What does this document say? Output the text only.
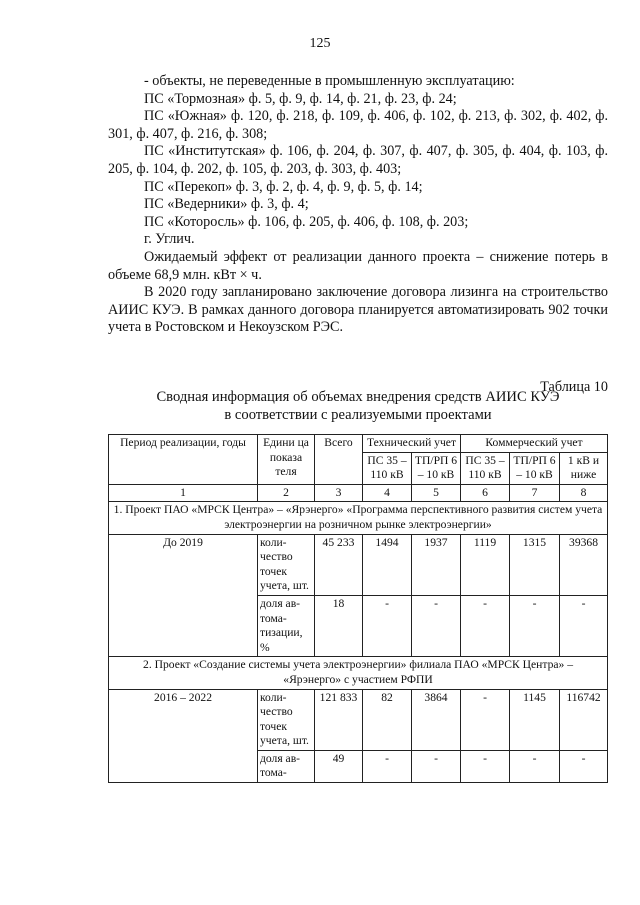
125

- объекты, не переведенные в промышленную эксплуатацию:

ПС «Тормозная» ф. 5, ф. 9, ф. 14, ф. 21, ф. 23, ф. 24;

ПС «Южная» ф. 120, ф. 218, ф. 109, ф. 406, ф. 102, ф. 213, ф. 302, ф. 402, ф. 301, ф. 407, ф. 216, ф. 308;

ПС «Институтская» ф. 106, ф. 204, ф. 307, ф. 407, ф. 305, ф. 404, ф. 103, ф. 205, ф. 104, ф. 202, ф. 105, ф. 203, ф. 303, ф. 403;

ПС «Перекоп» ф. 3, ф. 2, ф. 4, ф. 9, ф. 5, ф. 14;

ПС «Ведерники» ф. 3, ф. 4;

ПС «Которосль» ф. 106, ф. 205, ф. 406, ф. 108, ф. 203;

г. Углич.

Ожидаемый эффект от реализации данного проекта – снижение потерь в объеме 68,9 млн. кВт × ч.

В 2020 году запланировано заключение договора лизинга на строительство АИИС КУЭ. В рамках данного договора планируется автоматизировать 902 точки учета в Ростовском и Некоузском РЭС.

Таблица 10
Сводная информация об объемах внедрения средств АИИС КУЭ
в соответствии с реализуемыми проектами
Период реализации, годы	Едини ца показа теля	Всего	Технический учет		Коммерческий учет		
			ПС 35 – 110 кВ	ТП/РП 6 – 10 кВ	ПС 35 – 110 кВ	ТП/РП 6 – 10 кВ	1 кВ и ниже
1	2	3	4	5	6	7	8
1. Проект ПАО «МРСК Центра» – «Ярэнерго» «Программа перспективного развития систем учета электроэнергии на розничном рынке электроэнергии»							
До 2019	коли-чество точек учета, шт.	45 233	1494	1937	1119	1315	39368
	доля ав-тома-тизации, %	18	-	-	-	-	-
2. Проект «Создание системы учета электроэнергии» филиала ПАО «МРСК Центра» – «Ярэнерго» с участием РФПИ							
2016 – 2022	коли-чество точек учета, шт.	121 833	82	3864	-	1145	116742
	доля ав-тома-	49	-	-	-	-	-
